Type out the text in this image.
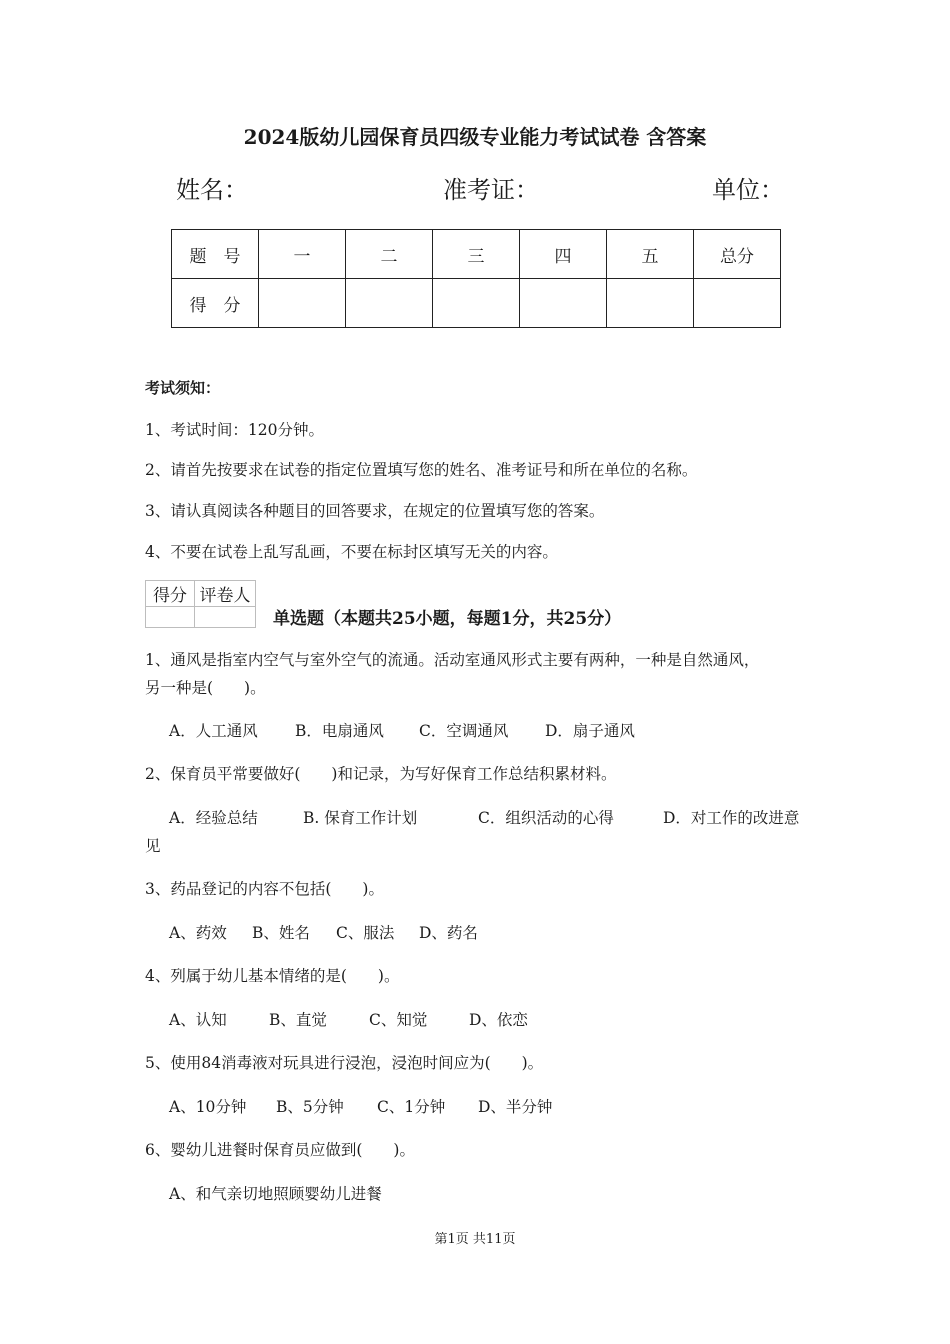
2024版幼儿园保育员四级专业能力考试试卷 含答案
姓名：	准考证：	单位：
题　号	一	二	三	四	五	总分
得　分						
考试须知：
1、考试时间：120分钟。
2、请首先按要求在试卷的指定位置填写您的姓名、准考证号和所在单位的名称。
3、请认真阅读各种题目的回答要求，在规定的位置填写您的答案。
4、不要在试卷上乱写乱画，不要在标封区填写无关的内容。
得分	评卷人

单选题（本题共25小题，每题1分，共25分）
1、通风是指室内空气与室外空气的流通。活动室通风形式主要有两种，一种是自然通风，
另一种是(　　)。
A．人工通风 B．电扇通风 C．空调通风 D．扇子通风
2、保育员平常要做好(　　)和记录，为写好保育工作总结积累材料。
A．经验总结	B. 保育工作计划	C．组织活动的心得	D．对工作的改进意
见
3、药品登记的内容不包括(　　)。
A、药效 B、姓名 C、服法 D、药名
4、列属于幼儿基本情绪的是(　　)。
A、认知	B、直觉	C、知觉	D、依恋
5、使用84消毒液对玩具进行浸泡，浸泡时间应为(　　)。
A、10分钟 B、5分钟 C、1分钟 D、半分钟
6、婴幼儿进餐时保育员应做到(　　)。
A、和气亲切地照顾婴幼儿进餐
第1页 共11页
